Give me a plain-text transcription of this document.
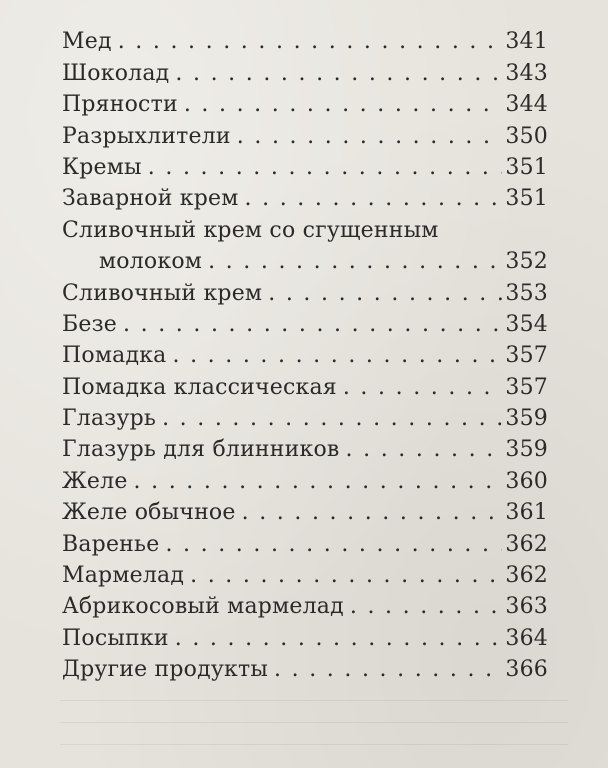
Мед . . .	341
Шоколад . . .	343
Пряности . . .	344
Разрыхлители . . .	350
Кремы . . .	351
Заварной крем . . .	351
Сливочный крем со сгущенным
молоком . . .	352
Сливочный крем . . .	353
Безе . . .	354
Помадка . . .	357
Помадка классическая . . .	357
Глазурь . . .	359
Глазурь для блинников . . .	359
Желе . . .	360
Желе обычное . . .	361
Варенье . . .	362
Мармелад . . .	362
Абрикосовый мармелад . . .	363
Посыпки . . .	364
Другие продукты . . .	366
